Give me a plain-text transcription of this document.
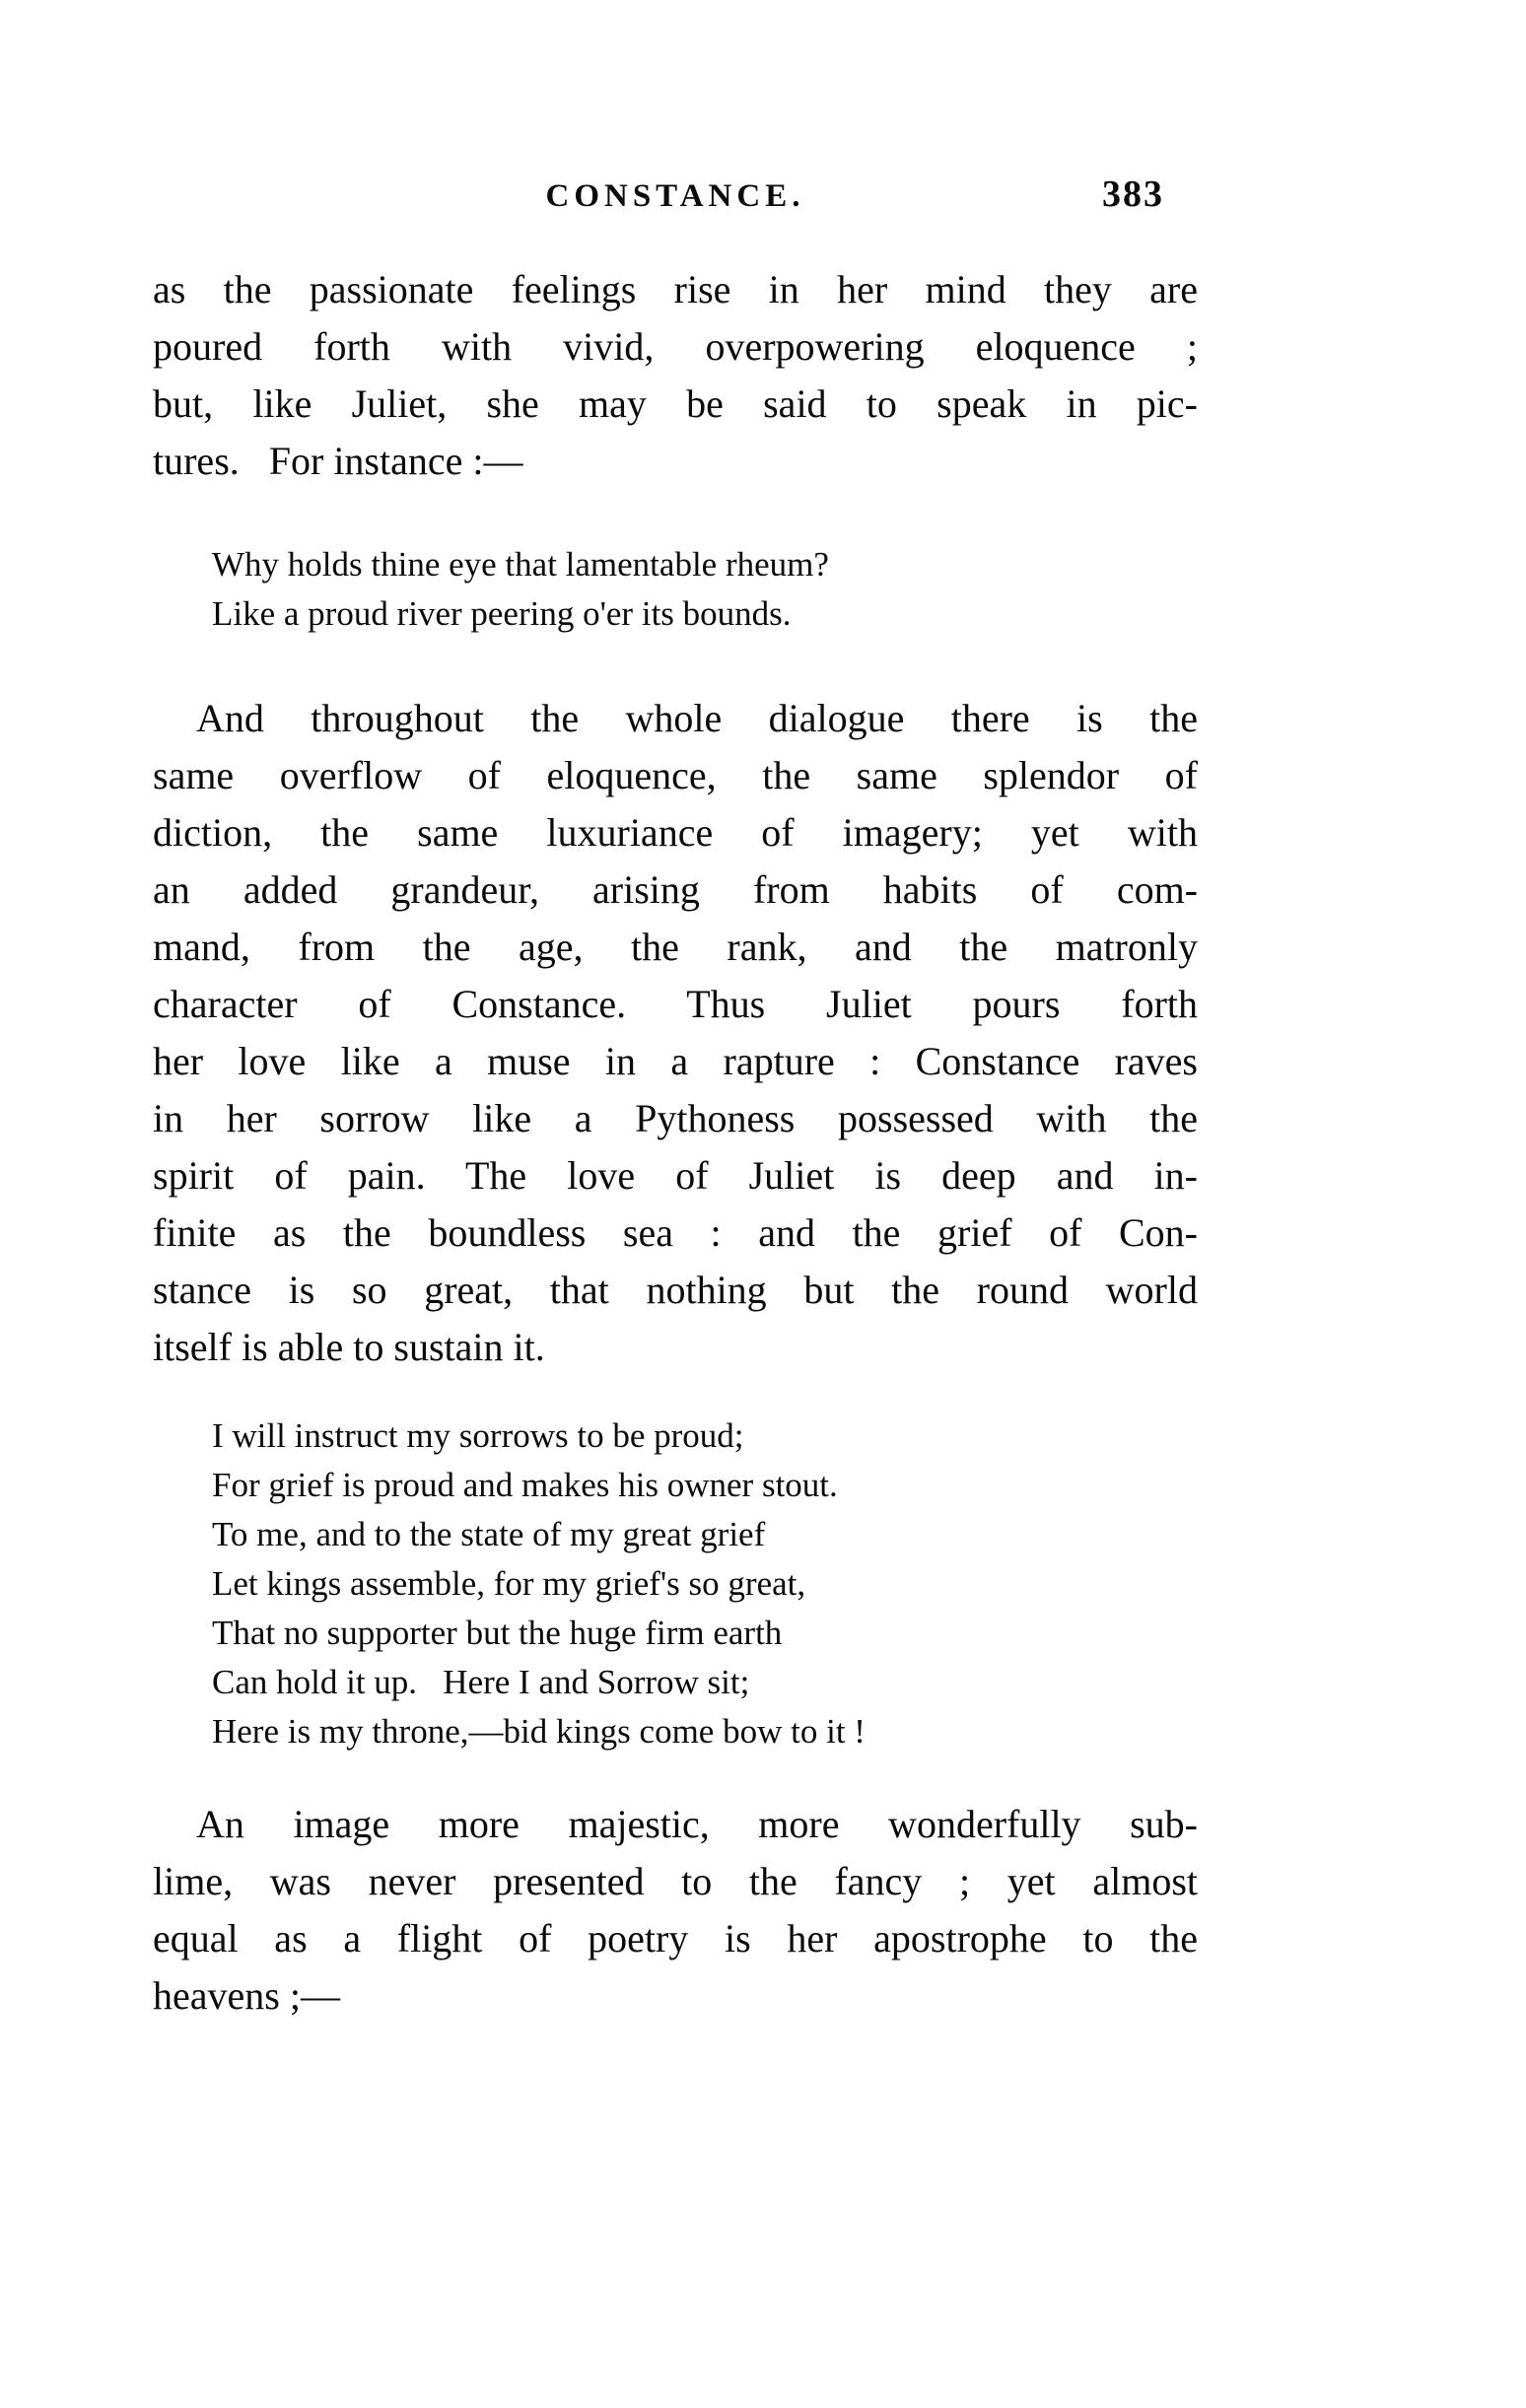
CONSTANCE.	383
as the passionate feelings rise in her mind they are
poured forth with vivid, overpowering eloquence ;
but, like Juliet, she may be said to speak in pic-
tures.   For instance :—
Why holds thine eye that lamentable rheum?
Like a proud river peering o'er its bounds.
And throughout the whole dialogue there is the
same overflow of eloquence, the same splendor of
diction, the same luxuriance of imagery; yet with
an added grandeur, arising from habits of com-
mand, from the age, the rank, and the matronly
character of Constance. Thus Juliet pours forth
her love like a muse in a rapture : Constance raves
in her sorrow like a Pythoness possessed with the
spirit of pain. The love of Juliet is deep and in-
finite as the boundless sea : and the grief of Con-
stance is so great, that nothing but the round world
itself is able to sustain it.
I will instruct my sorrows to be proud;
For grief is proud and makes his owner stout.
To me, and to the state of my great grief
Let kings assemble, for my grief's so great,
That no supporter but the huge firm earth
Can hold it up.   Here I and Sorrow sit;
Here is my throne,—bid kings come bow to it !
An image more majestic, more wonderfully sub-
lime, was never presented to the fancy ; yet almost
equal as a flight of poetry is her apostrophe to the
heavens ;—
